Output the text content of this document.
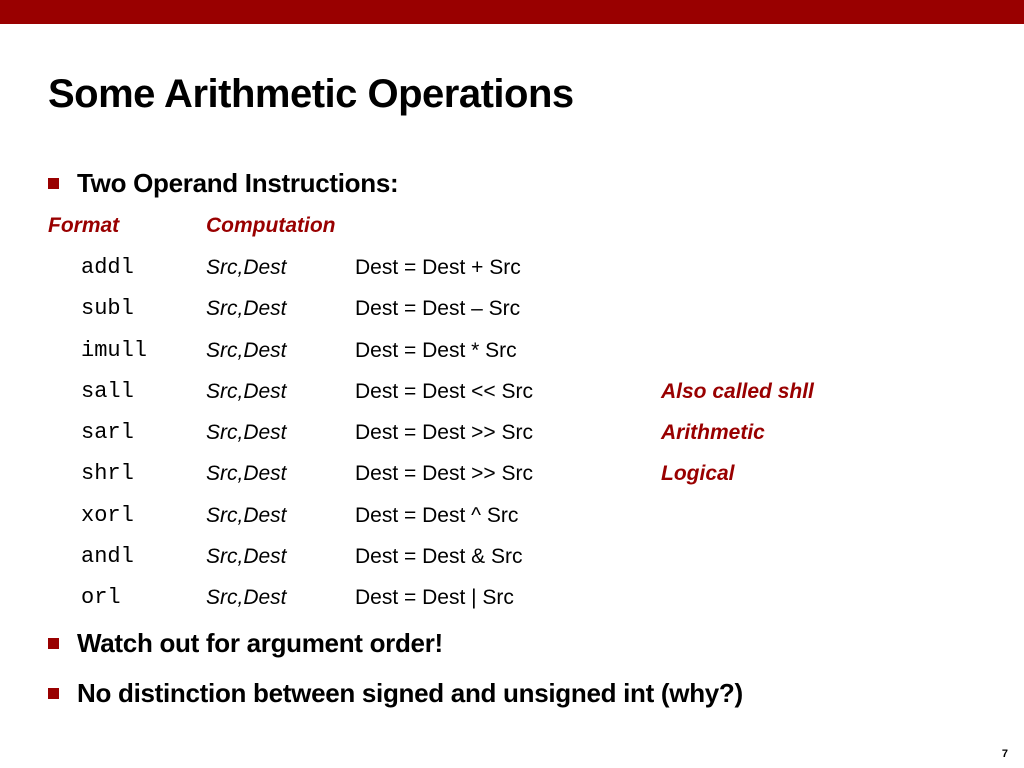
Some Arithmetic Operations
Two Operand Instructions:
Format	Computation
addl	Src,Dest	Dest = Dest + Src
subl	Src,Dest	Dest = Dest – Src
imull	Src,Dest	Dest = Dest * Src
sall	Src,Dest	Dest = Dest << Src	Also called shll
sarl	Src,Dest	Dest = Dest >> Src	Arithmetic
shrl	Src,Dest	Dest = Dest >> Src	Logical
xorl	Src,Dest	Dest = Dest ^ Src
andl	Src,Dest	Dest = Dest & Src
orl	Src,Dest	Dest = Dest | Src
Watch out for argument order!
No distinction between signed and unsigned int (why?)
7
